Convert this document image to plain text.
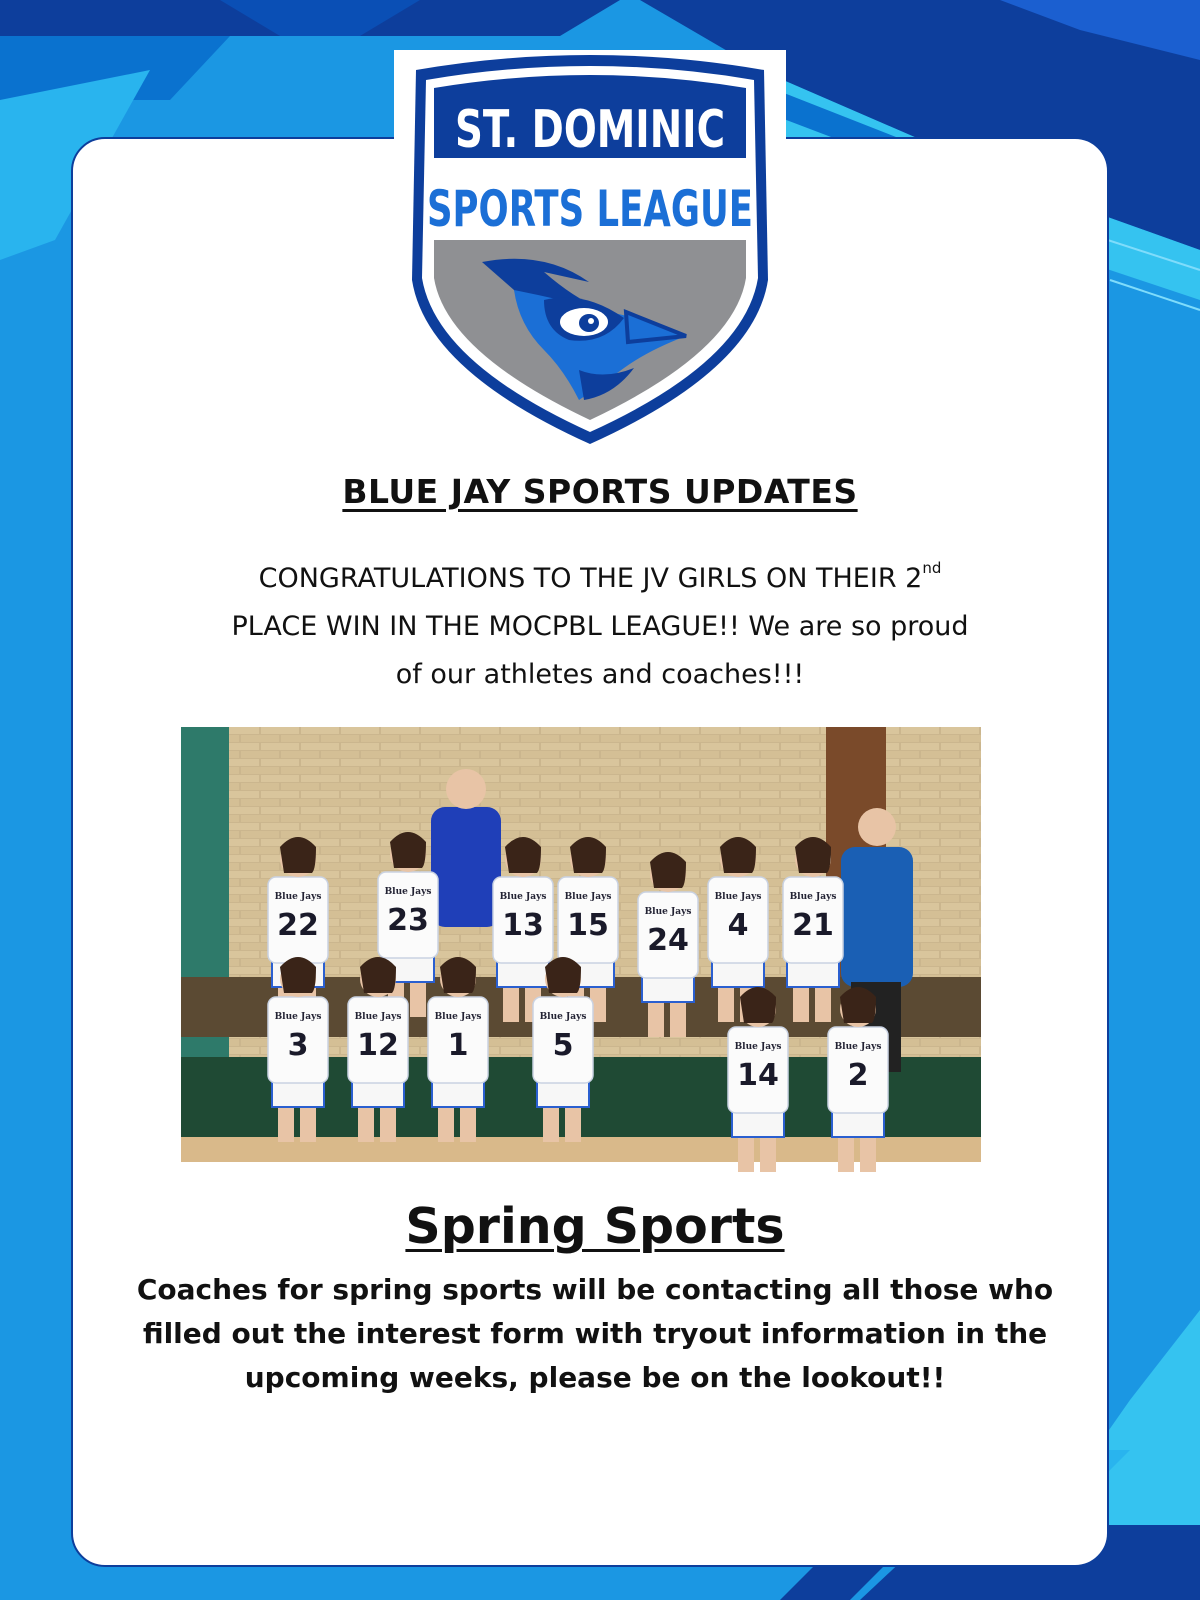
ST. DOMINIC
SPORTS LEAGUE
BLUE JAY SPORTS UPDATES
CONGRATULATIONS TO THE JV GIRLS ON THEIR 2nd
PLACE WIN IN THE MOCPBL LEAGUE!! We are so proud
of our athletes and coaches!!!
Blue Jays
22
Blue Jays
23
Blue Jays
13
Blue Jays
15	Blue Jays
24
Blue Jays
4
Blue Jays
21
Blue Jays
3
Blue Jays
12
Blue Jays
1
Blue Jays
5	Blue Jays
14
Blue Jays
2
Spring Sports
Coaches for spring sports will be contacting all those who filled out the interest form with tryout information in the upcoming weeks, please be on the lookout!!
